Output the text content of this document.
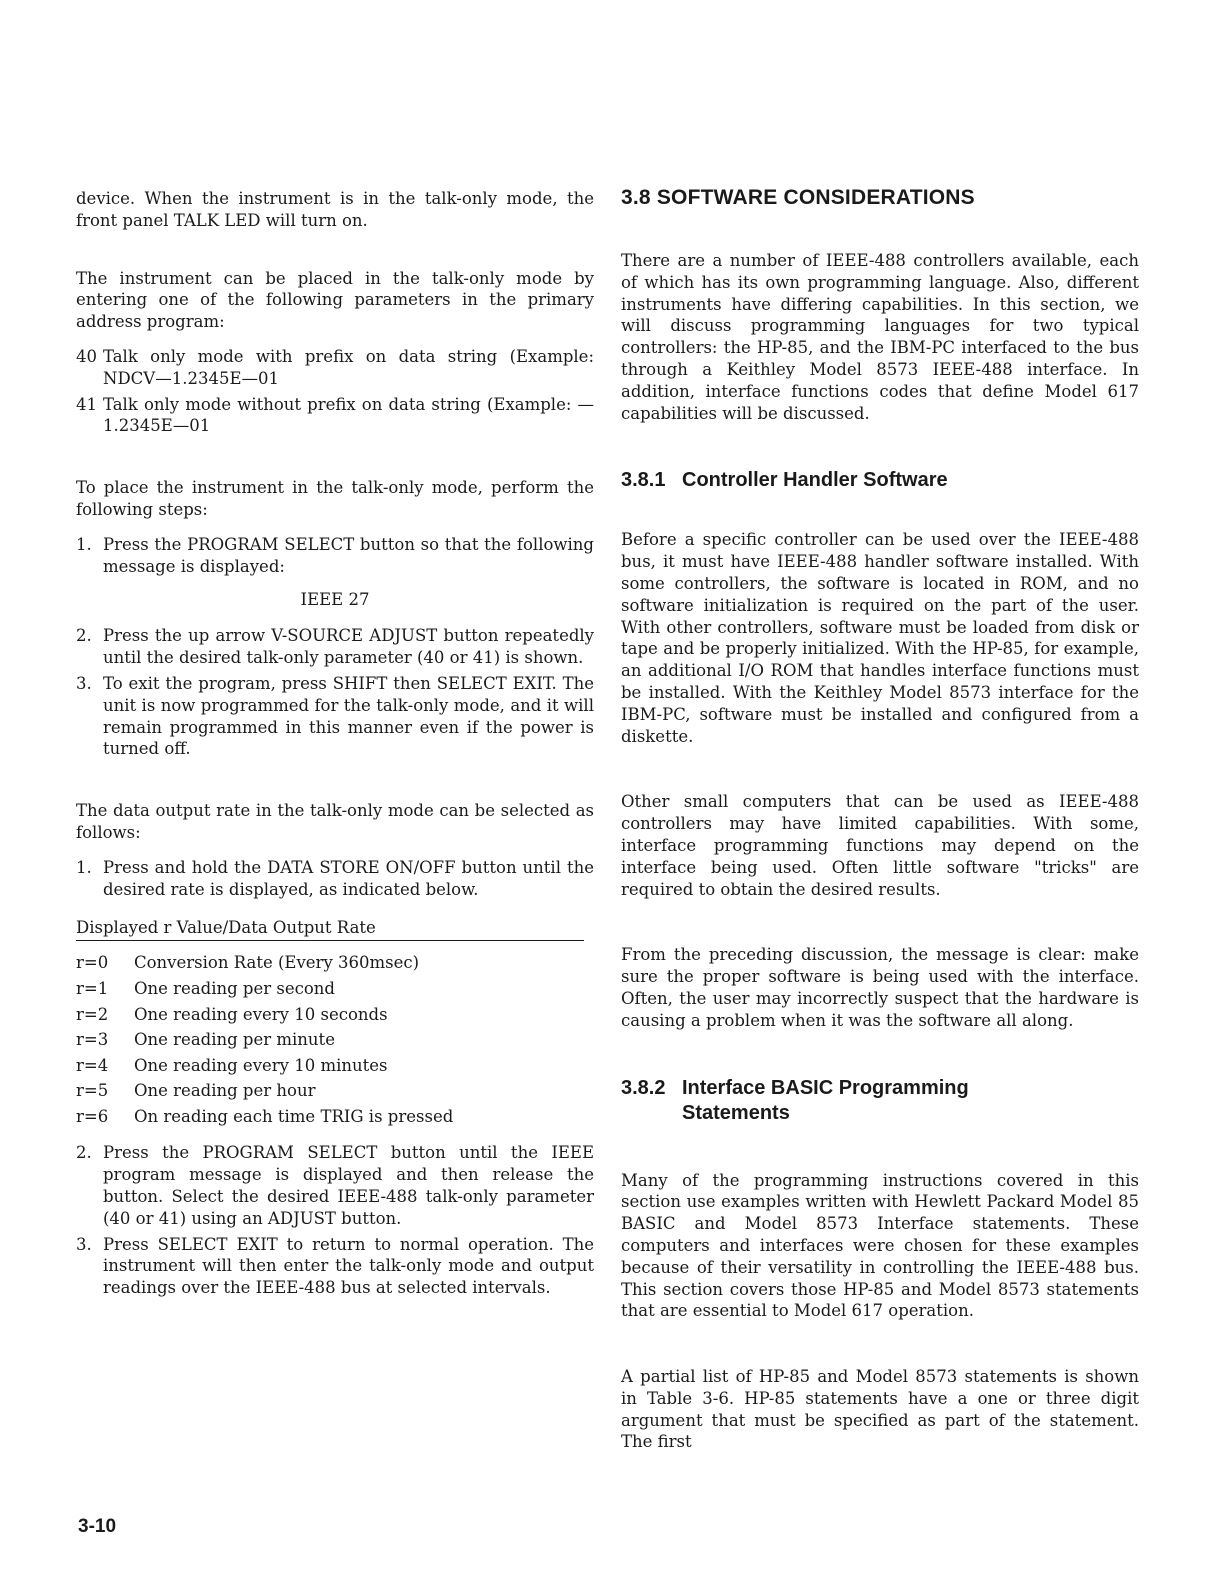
device. When the instrument is in the talk-only mode, the front panel TALK LED will turn on.

The instrument can be placed in the talk-only mode by entering one of the following parameters in the primary address program:

40 Talk only mode with prefix on data string (Example: NDCV—1.2345E—01
41 Talk only mode without prefix on data string (Example: —1.2345E—01

To place the instrument in the talk-only mode, perform the following steps:

1. Press the PROGRAM SELECT button so that the following message is displayed:
IEEE 27
2. Press the up arrow V-SOURCE ADJUST button repeatedly until the desired talk-only parameter (40 or 41) is shown.
3. To exit the program, press SHIFT then SELECT EXIT. The unit is now programmed for the talk-only mode, and it will remain programmed in this manner even if the power is turned off.

The data output rate in the talk-only mode can be selected as follows:

1. Press and hold the DATA STORE ON/OFF button until the desired rate is displayed, as indicated below.
Displayed r Value/Data Output Rate
r=0	Conversion Rate (Every 360msec)
r=1	One reading per second
r=2	One reading every 10 seconds
r=3	One reading per minute
r=4	One reading every 10 minutes
r=5	One reading per hour
r=6	On reading each time TRIG is pressed
2. Press the PROGRAM SELECT button until the IEEE program message is displayed and then release the button. Select the desired IEEE-488 talk-only parameter (40 or 41) using an ADJUST button.
3. Press SELECT EXIT to return to normal operation. The instrument will then enter the talk-only mode and output readings over the IEEE-488 bus at selected intervals.
3.8 SOFTWARE CONSIDERATIONS

There are a number of IEEE-488 controllers available, each of which has its own programming language. Also, different instruments have differing capabilities. In this section, we will discuss programming languages for two typical controllers: the HP-85, and the IBM-PC interfaced to the bus through a Keithley Model 8573 IEEE-488 interface. In addition, interface functions codes that define Model 617 capabilities will be discussed.

3.8.1 Controller Handler Software

Before a specific controller can be used over the IEEE-488 bus, it must have IEEE-488 handler software installed. With some controllers, the software is located in ROM, and no software initialization is required on the part of the user. With other controllers, software must be loaded from disk or tape and be properly initialized. With the HP-85, for example, an additional I/O ROM that handles interface functions must be installed. With the Keithley Model 8573 interface for the IBM-PC, software must be installed and configured from a diskette.

Other small computers that can be used as IEEE-488 controllers may have limited capabilities. With some, interface programming functions may depend on the interface being used. Often little software "tricks" are required to obtain the desired results.

From the preceding discussion, the message is clear: make sure the proper software is being used with the interface. Often, the user may incorrectly suspect that the hardware is causing a problem when it was the software all along.

3.8.2 Interface BASIC Programming
Statements

Many of the programming instructions covered in this section use examples written with Hewlett Packard Model 85 BASIC and Model 8573 Interface statements. These computers and interfaces were chosen for these examples because of their versatility in controlling the IEEE-488 bus. This section covers those HP-85 and Model 8573 statements that are essential to Model 617 operation.

A partial list of HP-85 and Model 8573 statements is shown in Table 3-6. HP-85 statements have a one or three digit argument that must be specified as part of the statement. The first

3-10
